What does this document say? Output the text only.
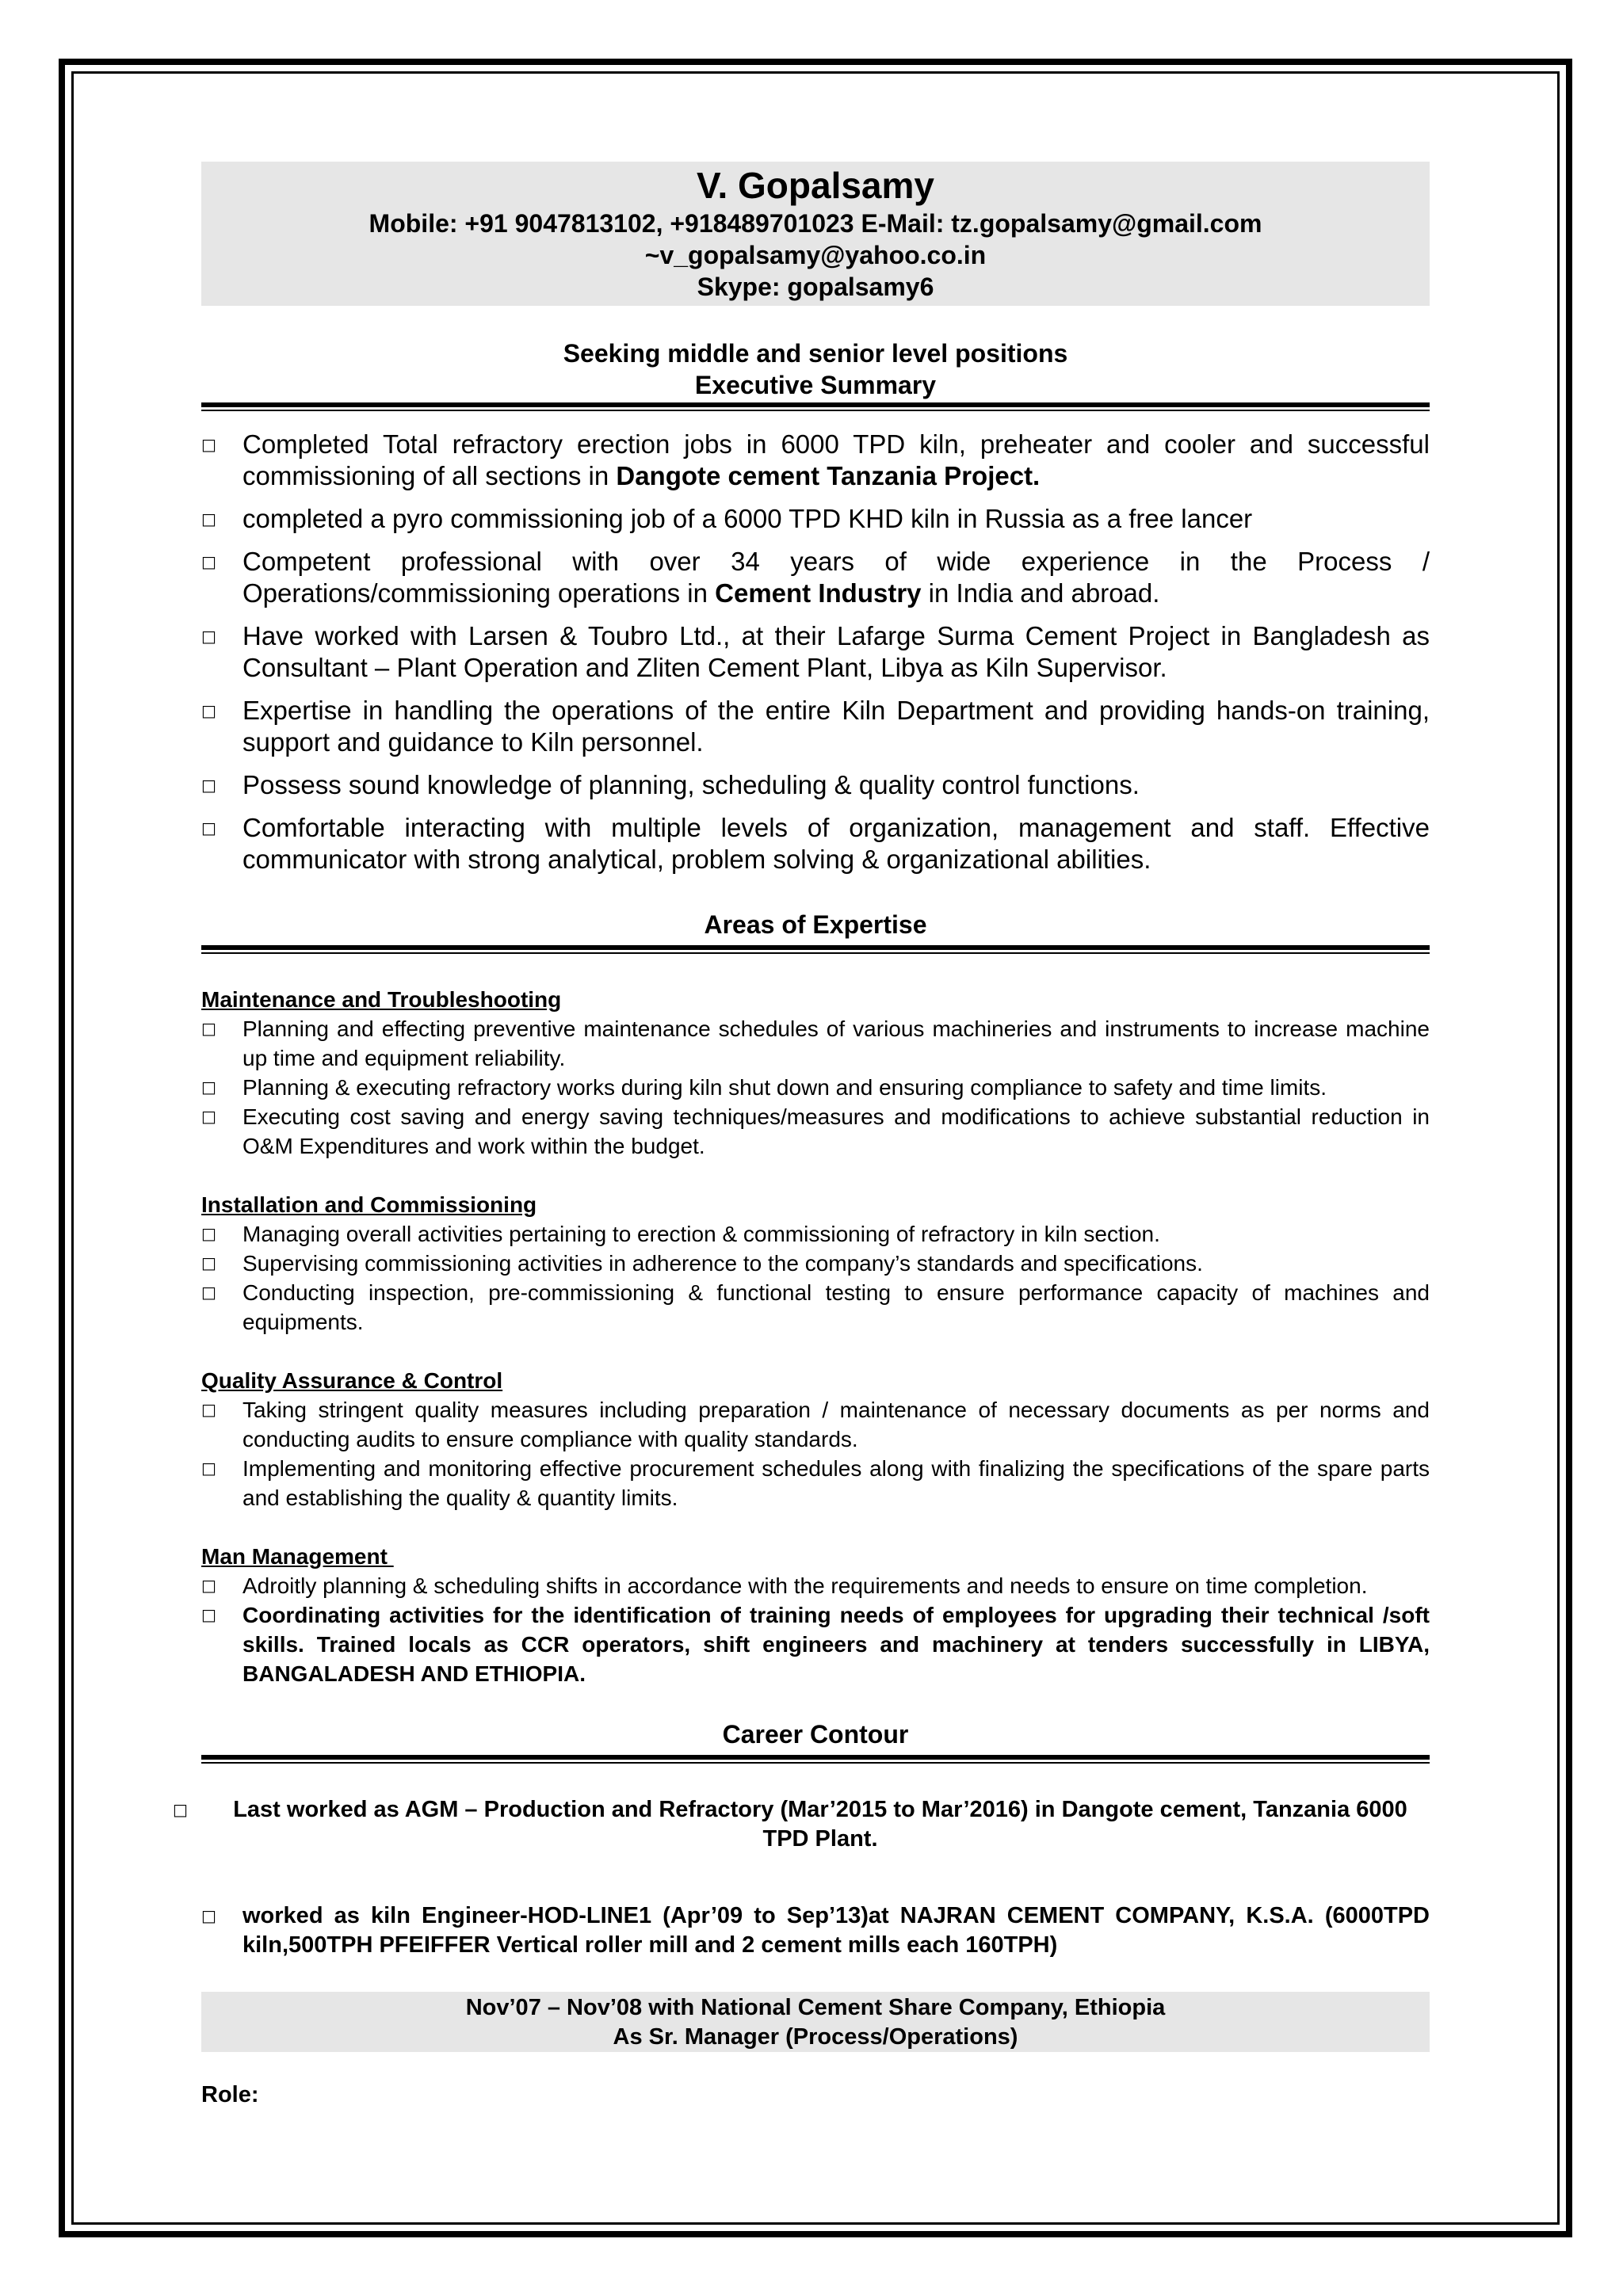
V. Gopalsamy
Mobile: +91 9047813102, +918489701023 E-Mail: tz.gopalsamy@gmail.com
~v_gopalsamy@yahoo.co.in
Skype: gopalsamy6
Seeking middle and senior level positions
Executive Summary
□ Completed Total refractory erection jobs in 6000 TPD kiln, preheater and cooler and successful commissioning of all sections in Dangote cement Tanzania Project.
□ completed a pyro commissioning job of a 6000 TPD KHD kiln in Russia as a free lancer
□ Competent professional with over 34 years of wide experience in the Process / Operations/commissioning operations in Cement Industry in India and abroad.
□ Have worked with Larsen & Toubro Ltd., at their Lafarge Surma Cement Project in Bangladesh as Consultant – Plant Operation and Zliten Cement Plant, Libya as Kiln Supervisor.
□ Expertise in handling the operations of the entire Kiln Department and providing hands-on training, support and guidance to Kiln personnel.
□ Possess sound knowledge of planning, scheduling & quality control functions.
□ Comfortable interacting with multiple levels of organization, management and staff. Effective communicator with strong analytical, problem solving & organizational abilities.
Areas of Expertise
Maintenance and Troubleshooting
□ Planning and effecting preventive maintenance schedules of various machineries and instruments to increase machine up time and equipment reliability.
□ Planning & executing refractory works during kiln shut down and ensuring compliance to safety and time limits.
□ Executing cost saving and energy saving techniques/measures and modifications to achieve substantial reduction in O&M Expenditures and work within the budget.
Installation and Commissioning
□ Managing overall activities pertaining to erection & commissioning of refractory in kiln section.
□ Supervising commissioning activities in adherence to the company’s standards and specifications.
□ Conducting inspection, pre-commissioning & functional testing to ensure performance capacity of machines and equipments.
Quality Assurance & Control
□ Taking stringent quality measures including preparation / maintenance of necessary documents as per norms and conducting audits to ensure compliance with quality standards.
□ Implementing and monitoring effective procurement schedules along with finalizing the specifications of the spare parts and establishing the quality & quantity limits.
Man Management
□ Adroitly planning & scheduling shifts in accordance with the requirements and needs to ensure on time completion.
□ Coordinating activities for the identification of training needs of employees for upgrading their technical /soft skills. Trained locals as CCR operators, shift engineers and machinery at tenders successfully in LIBYA, BANGALADESH AND ETHIOPIA.
Career Contour
□ Last worked as AGM – Production and Refractory (Mar’2015 to Mar’2016) in Dangote cement, Tanzania 6000 TPD Plant.
□ worked as kiln Engineer-HOD-LINE1 (Apr’09 to Sep’13)at NAJRAN CEMENT COMPANY, K.S.A. (6000TPD kiln,500TPH PFEIFFER Vertical roller mill and 2 cement mills each 160TPH)
Nov’07 – Nov’08 with National Cement Share Company, Ethiopia
As Sr. Manager (Process/Operations)
Role:
